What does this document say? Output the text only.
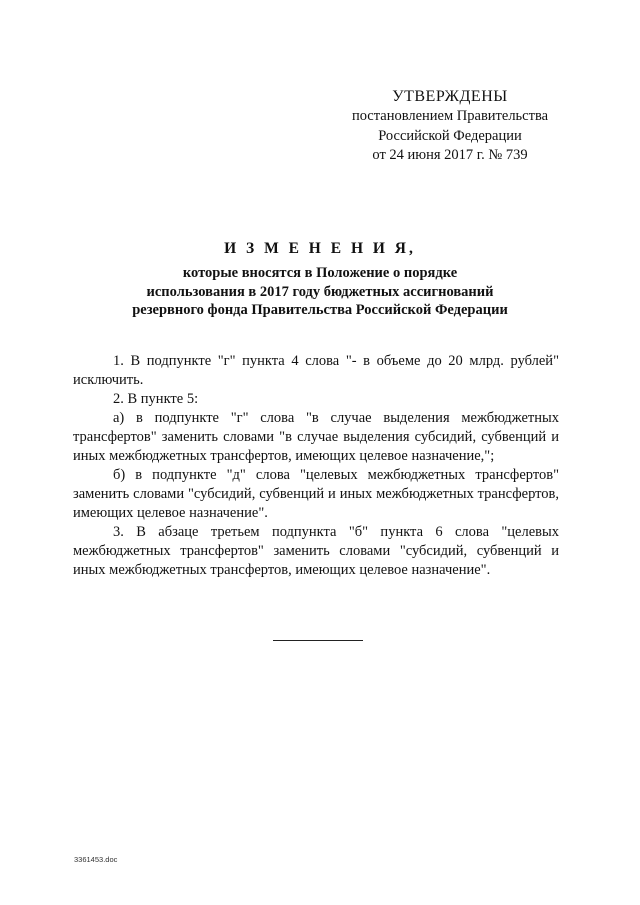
УТВЕРЖДЕНЫ
постановлением Правительства
Российской Федерации
от 24 июня 2017 г. № 739
И З М Е Н Е Н И Я,
которые вносятся в Положение о порядке
использования в 2017 году бюджетных ассигнований
резервного фонда Правительства Российской Федерации

1. В подпункте "г" пункта 4 слова "- в объеме до 20 млрд. рублей" исключить.

2. В пункте 5:

а) в подпункте "г" слова "в случае выделения межбюджетных трансфертов" заменить словами "в случае выделения субсидий, субвенций и иных межбюджетных трансфертов, имеющих целевое назначение,";

б) в подпункте "д" слова "целевых межбюджетных трансфертов" заменить словами "субсидий, субвенций и иных межбюджетных трансфертов, имеющих целевое назначение".

3. В абзаце третьем подпункта "б" пункта 6 слова "целевых межбюджетных трансфертов" заменить словами "субсидий, субвенций и иных межбюджетных трансфертов, имеющих целевое назначение".

3361453.doc
